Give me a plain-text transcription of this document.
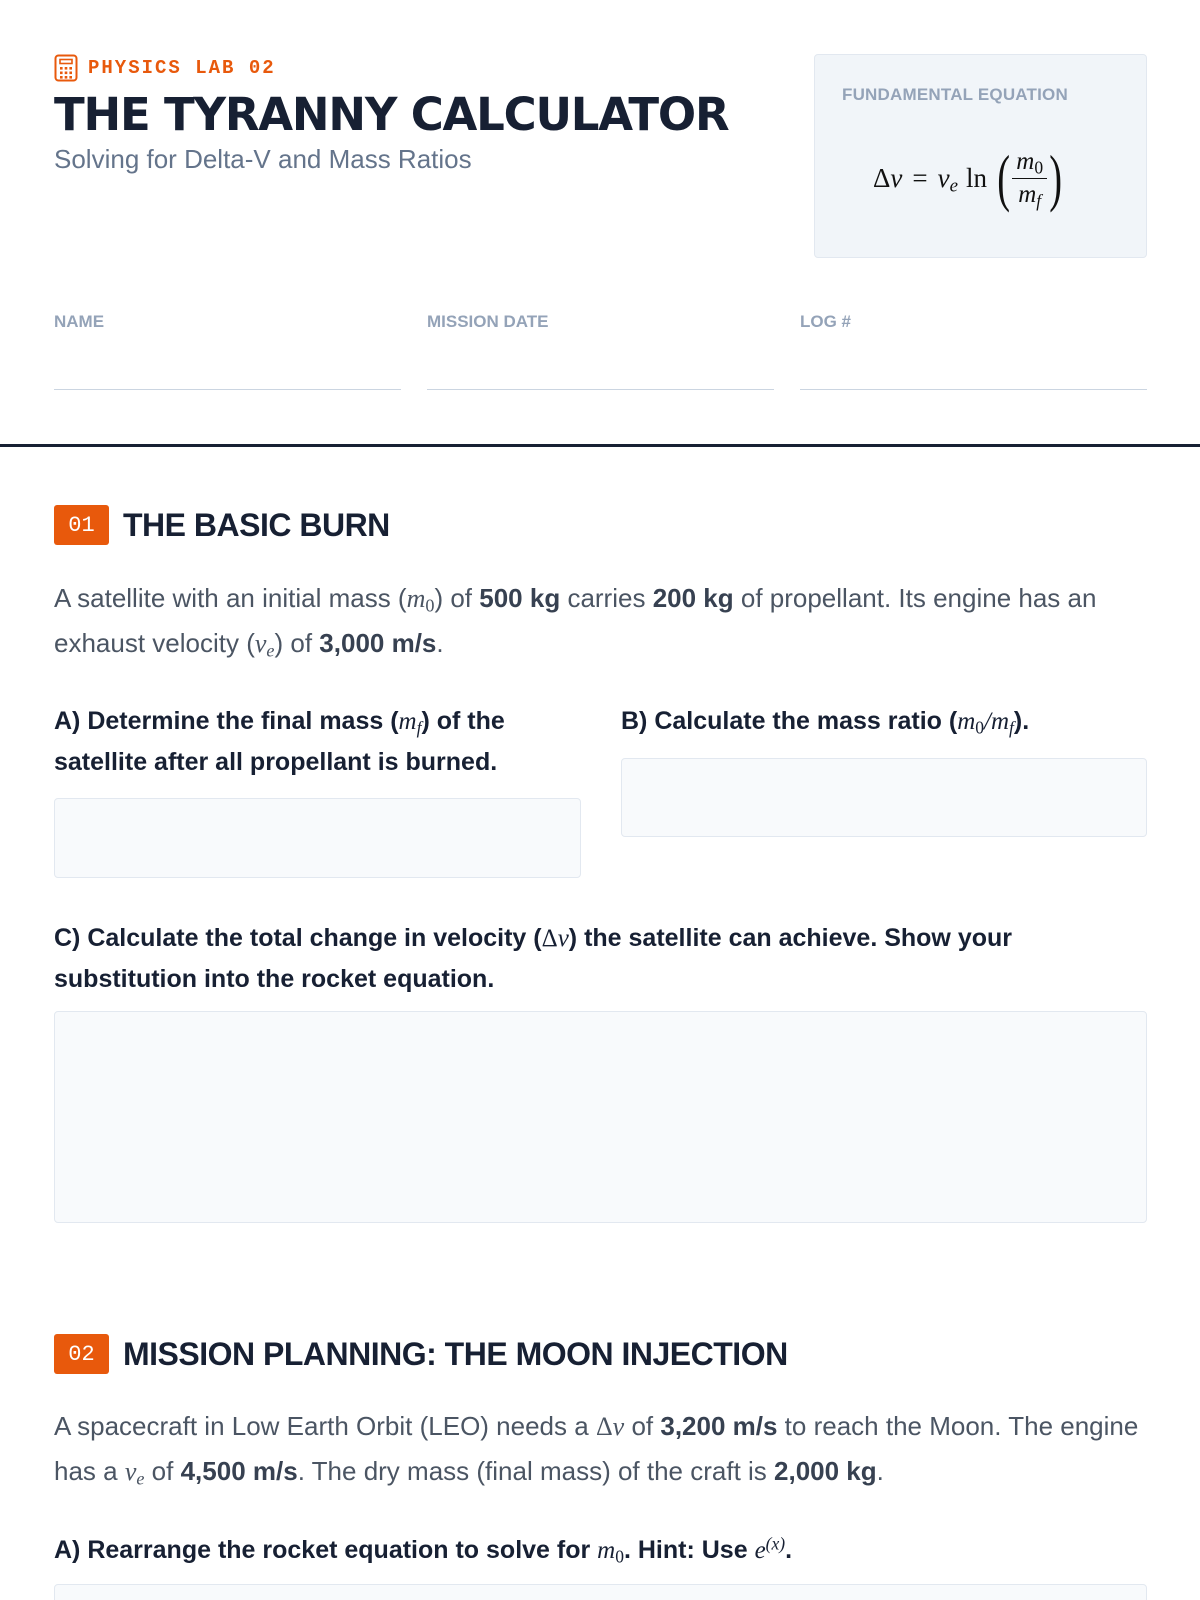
PHYSICS LAB 02
THE TYRANNY CALCULATOR
Solving for Delta-V and Mass Ratios
FUNDAMENTAL EQUATION
Δ $v = v_e$ ln ( $\frac{m_0}{m_f}$ )
NAME	MISSION DATE	LOG #
01 THE BASIC BURN
A satellite with an initial mass $(m_0)$ of 500 kg carries 200 kg of propellant. Its engine has an exhaust velocity $(v_e)$ of 3,000 m/s.
A) Determine the final mass $(m_f)$ of the satellite after all propellant is burned.
B) Calculate the mass ratio $(m_0/m_f)$.
C) Calculate the total change in velocity (Δv) the satellite can achieve. Show your substitution into the rocket equation.
02 MISSION PLANNING: THE MOON INJECTION
A spacecraft in Low Earth Orbit (LEO) needs a Δv of 3,200 m/s to reach the Moon. The engine has a $v_e$ of 4,500 m/s. The dry mass (final mass) of the craft is 2,000 kg.
A) Rearrange the rocket equation to solve for $m_0$. Hint: Use $e^{(x)}$.
